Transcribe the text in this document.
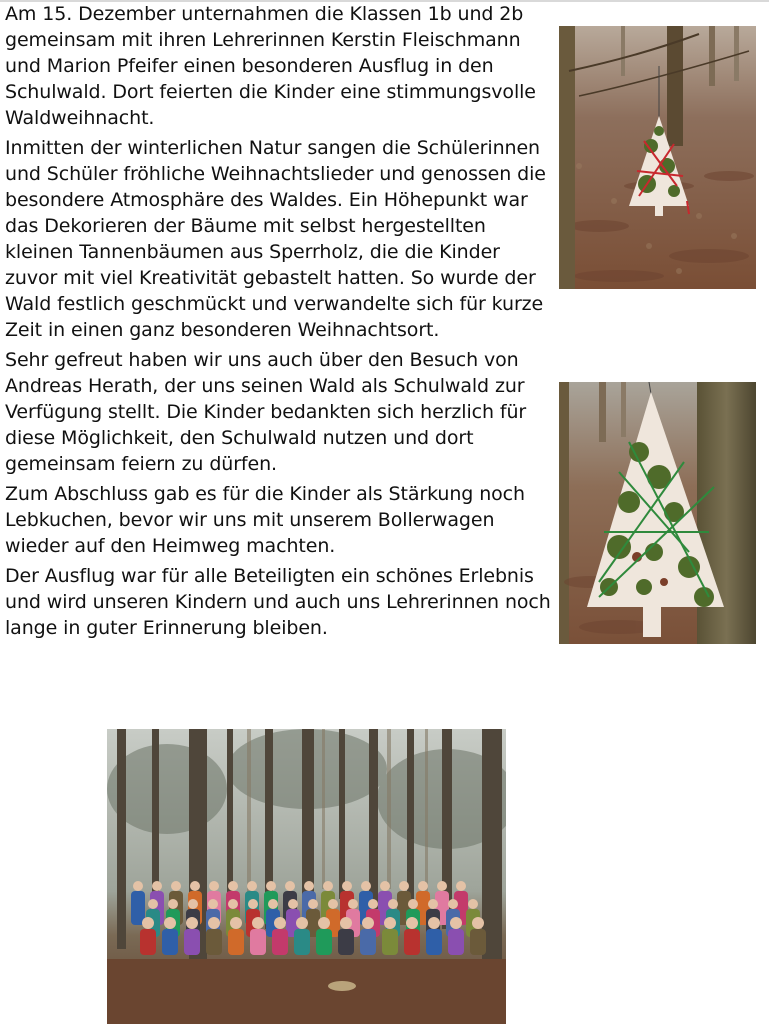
Am 15. Dezember unternahmen die Klassen 1b und 2b gemeinsam mit ihren Lehrerinnen Kerstin Fleischmann und Marion Pfeifer einen besonderen Ausflug in den Schulwald. Dort feierten die Kinder eine stimmungsvolle Waldweihnacht.

Inmitten der winterlichen Natur sangen die Schülerinnen und Schüler fröhliche Weihnachtslieder und genossen die besondere Atmosphäre des Waldes. Ein Höhepunkt war das Dekorieren der Bäume mit selbst hergestellten kleinen Tannenbäumen aus Sperrholz, die die Kinder zuvor mit viel Kreativität gebastelt hatten. So wurde der Wald festlich geschmückt und verwandelte sich für kurze Zeit in einen ganz besonderen Weihnachtsort.

Sehr gefreut haben wir uns auch über den Besuch von Andreas Herath, der uns seinen Wald als Schulwald zur Verfügung stellt. Die Kinder bedankten sich herzlich für diese Möglichkeit, den Schulwald nutzen und dort gemeinsam feiern zu dürfen.

Zum Abschluss gab es für die Kinder als Stärkung noch Lebkuchen, bevor wir uns mit unserem Bollerwagen wieder auf den Heimweg machten.

Der Ausflug war für alle Beteiligten ein schönes Erlebnis und wird unseren Kindern und auch uns Lehrerinnen noch lange in guter Erinnerung bleiben.
